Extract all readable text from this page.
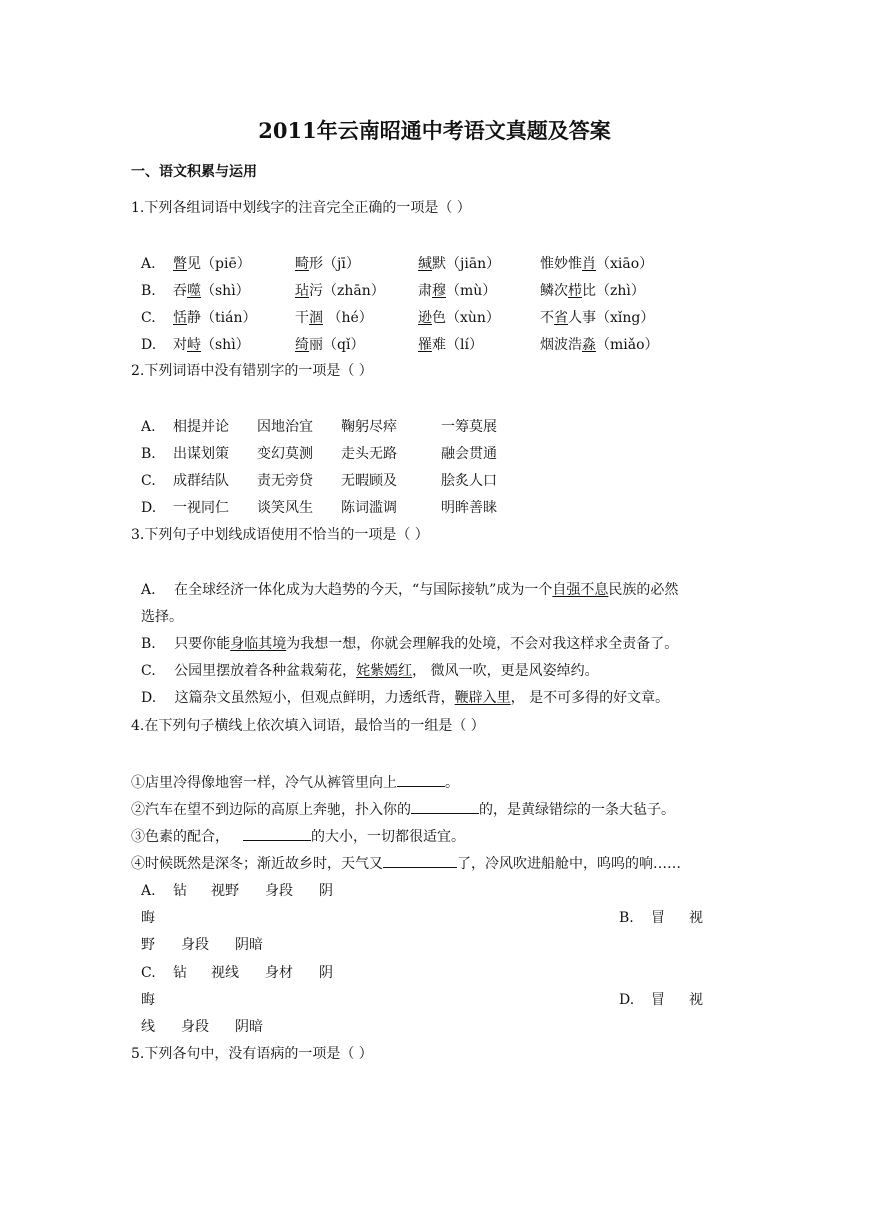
2011年云南昭通中考语文真题及答案
一、语文积累与运用
1.下列各组词语中划线字的注音完全正确的一项是（ ）
A. 瞥见（piē）	畸形（jī）	缄默（jiān）	惟妙惟肖（xiāo）
B. 吞噬（shì）	玷污（zhān） 肃穆（mù）	鳞次栉比（zhì）
C. 恬静（tián）	干涸 （hé）	逊色（xùn）	不省人事（xǐng）
D. 对峙（shì）	绮丽（qǐ）	罹难（lí）	烟波浩淼（miǎo）
2.下列词语中没有错别字的一项是（ ）
A. 相提并论 因地治宜 鞠躬尽瘁	一筹莫展
B. 出谋划策 变幻莫测 走头无路	融会贯通
C. 成群结队 责无旁贷 无暇顾及	脍炙人口
D. 一视同仁 谈笑风生 陈词滥调	明眸善睐
3.下列句子中划线成语使用不恰当的一项是（ ）
A. 在全球经济一体化成为大趋势的今天，“与国际接轨”成为一个自强不息民族的必然
选择。
B. 只要你能身临其境为我想一想，你就会理解我的处境，不会对我这样求全责备了。
C. 公园里摆放着各种盆栽菊花，姹紫嫣红， 微风一吹，更是风姿绰约。
D. 这篇杂文虽然短小，但观点鲜明，力透纸背，鞭辟入里， 是不可多得的好文章。
4.在下列句子横线上依次填入词语，最恰当的一组是（ ）
①店里冷得像地窖一样，冷气从裤管里向上	。
②汽车在望不到边际的高原上奔驰，扑入你的	的，是黄绿错综的一条大毡子。
③色素的配合，	的大小，一切都很适宜。
④时候既然是深冬；渐近故乡时，天气又	了，冷风吹进船舱中，呜呜的响……
A. 钻 视野 身段 阴
晦	B. 冒 视
野 身段 阴暗
C. 钻 视线 身材 阴
晦	D. 冒 视
线 身段 阴暗
5.下列各句中，没有语病的一项是（ ）
